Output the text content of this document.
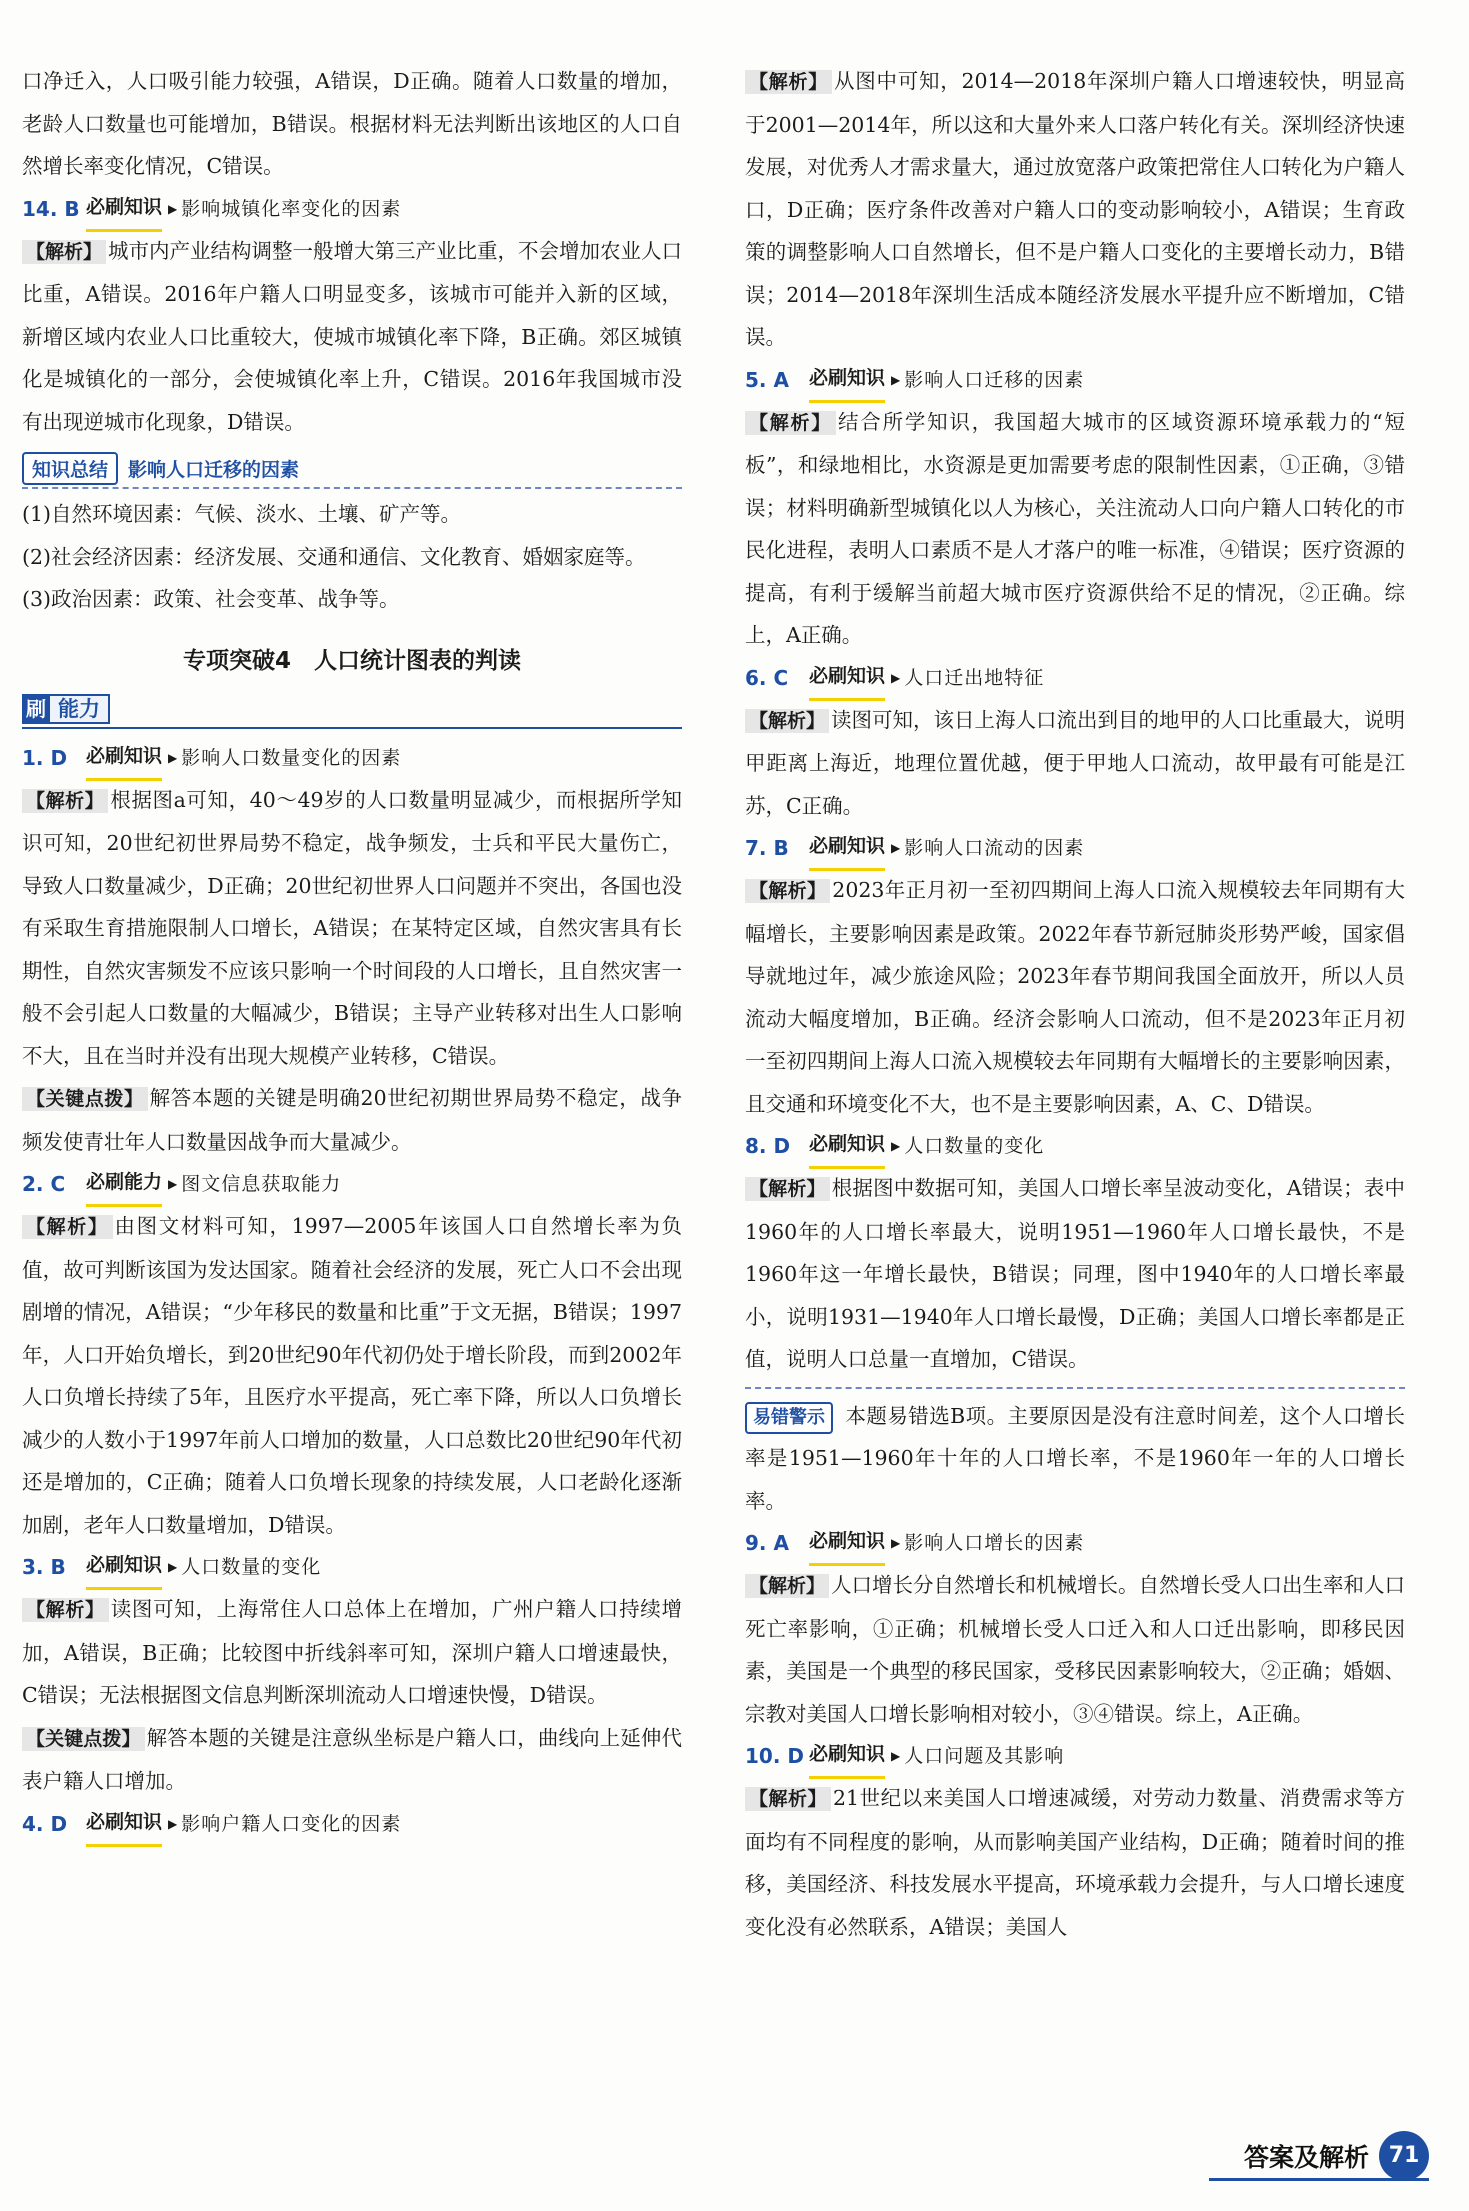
口净迁入，人口吸引能力较强，A错误，D正确。随着人口数量的增加，老龄人口数量也可能增加，B错误。根据材料无法判断出该地区的人口自然增长率变化情况，C错误。

14. B 必刷知识 ▶ 影响城镇化率变化的因素

【解析】 城市内产业结构调整一般增大第三产业比重，不会增加农业人口比重，A错误。2016年户籍人口明显变多，该城市可能并入新的区域，新增区域内农业人口比重较大，使城市城镇化率下降，B正确。郊区城镇化是城镇化的一部分，会使城镇化率上升，C错误。2016年我国城市没有出现逆城市化现象，D错误。

知识总结	影响人口迁移的因素

(1)自然环境因素：气候、淡水、土壤、矿产等。

(2)社会经济因素：经济发展、交通和通信、文化教育、婚姻家庭等。

(3)政治因素：政策、社会变革、战争等。

专项突破4　人口统计图表的判读
刷 能力
1. D 必刷知识 ▶ 影响人口数量变化的因素

【解析】 根据图a可知，40～49岁的人口数量明显减少，而根据所学知识可知，20世纪初世界局势不稳定，战争频发，士兵和平民大量伤亡，导致人口数量减少，D正确；20世纪初世界人口问题并不突出，各国也没有采取生育措施限制人口增长，A错误；在某特定区域，自然灾害具有长期性，自然灾害频发不应该只影响一个时间段的人口增长，且自然灾害一般不会引起人口数量的大幅减少，B错误；主导产业转移对出生人口影响不大，且在当时并没有出现大规模产业转移，C错误。

【关键点拨】 解答本题的关键是明确20世纪初期世界局势不稳定，战争频发使青壮年人口数量因战争而大量减少。

2. C	必刷能力 ▶ 图文信息获取能力

【解析】 由图文材料可知，1997—2005年该国人口自然增长率为负值，故可判断该国为发达国家。随着社会经济的发展，死亡人口不会出现剧增的情况，A错误；“少年移民的数量和比重”于文无据，B错误；1997年，人口开始负增长，到20世纪90年代初仍处于增长阶段，而到2002年人口负增长持续了5年，且医疗水平提高，死亡率下降，所以人口负增长减少的人数小于1997年前人口增加的数量，人口总数比20世纪90年代初还是增加的，C正确；随着人口负增长现象的持续发展，人口老龄化逐渐加剧，老年人口数量增加，D错误。

3. B	必刷知识 ▶ 人口数量的变化

【解析】 读图可知，上海常住人口总体上在增加，广州户籍人口持续增加，A错误，B正确；比较图中折线斜率可知，深圳户籍人口增速最快，C错误；无法根据图文信息判断深圳流动人口增速快慢，D错误。

【关键点拨】 解答本题的关键是注意纵坐标是户籍人口，曲线向上延伸代表户籍人口增加。

4. D 必刷知识 ▶ 影响户籍人口变化的因素

【解析】 从图中可知，2014—2018年深圳户籍人口增速较快，明显高于2001—2014年，所以这和大量外来人口落户转化有关。深圳经济快速发展，对优秀人才需求量大，通过放宽落户政策把常住人口转化为户籍人口，D正确；医疗条件改善对户籍人口的变动影响较小，A错误；生育政策的调整影响人口自然增长，但不是户籍人口变化的主要增长动力，B错误；2014—2018年深圳生活成本随经济发展水平提升应不断增加，C错误。

5. A	必刷知识 ▶ 影响人口迁移的因素

【解析】 结合所学知识，我国超大城市的区域资源环境承载力的“短板”，和绿地相比，水资源是更加需要考虑的限制性因素，①正确，③错误；材料明确新型城镇化以人为核心，关注流动人口向户籍人口转化的市民化进程，表明人口素质不是人才落户的唯一标准，④错误；医疗资源的提高，有利于缓解当前超大城市医疗资源供给不足的情况，②正确。综上，A正确。

6. C	必刷知识 ▶ 人口迁出地特征

【解析】 读图可知，该日上海人口流出到目的地甲的人口比重最大，说明甲距离上海近，地理位置优越，便于甲地人口流动，故甲最有可能是江苏，C正确。

7. B	必刷知识 ▶ 影响人口流动的因素

【解析】 2023年正月初一至初四期间上海人口流入规模较去年同期有大幅增长，主要影响因素是政策。2022年春节新冠肺炎形势严峻，国家倡导就地过年，减少旅途风险；2023年春节期间我国全面放开，所以人员流动大幅度增加，B正确。经济会影响人口流动，但不是2023年正月初一至初四期间上海人口流入规模较去年同期有大幅增长的主要影响因素，且交通和环境变化不大，也不是主要影响因素，A、C、D错误。

8. D 必刷知识 ▶ 人口数量的变化

【解析】 根据图中数据可知，美国人口增长率呈波动变化，A错误；表中1960年的人口增长率最大，说明1951—1960年人口增长最快，不是1960年这一年增长最快，B错误；同理，图中1940年的人口增长率最小，说明1931—1940年人口增长最慢，D正确；美国人口增长率都是正值，说明人口总量一直增加，C错误。

易错警示 本题易错选B项。主要原因是没有注意时间差，这个人口增长率是1951—1960年十年的人口增长率，不是1960年一年的人口增长率。

9. A	必刷知识 ▶ 影响人口增长的因素

【解析】 人口增长分自然增长和机械增长。自然增长受人口出生率和人口死亡率影响，①正确；机械增长受人口迁入和人口迁出影响，即移民因素，美国是一个典型的移民国家，受移民因素影响较大，②正确；婚姻、宗教对美国人口增长影响相对较小，③④错误。综上，A正确。

10. D 必刷知识 ▶ 人口问题及其影响

【解析】 21世纪以来美国人口增速减缓，对劳动力数量、消费需求等方面均有不同程度的影响，从而影响美国产业结构，D正确；随着时间的推移，美国经济、科技发展水平提高，环境承载力会提升，与人口增长速度变化没有必然联系，A错误；美国人

答案及解析 71
